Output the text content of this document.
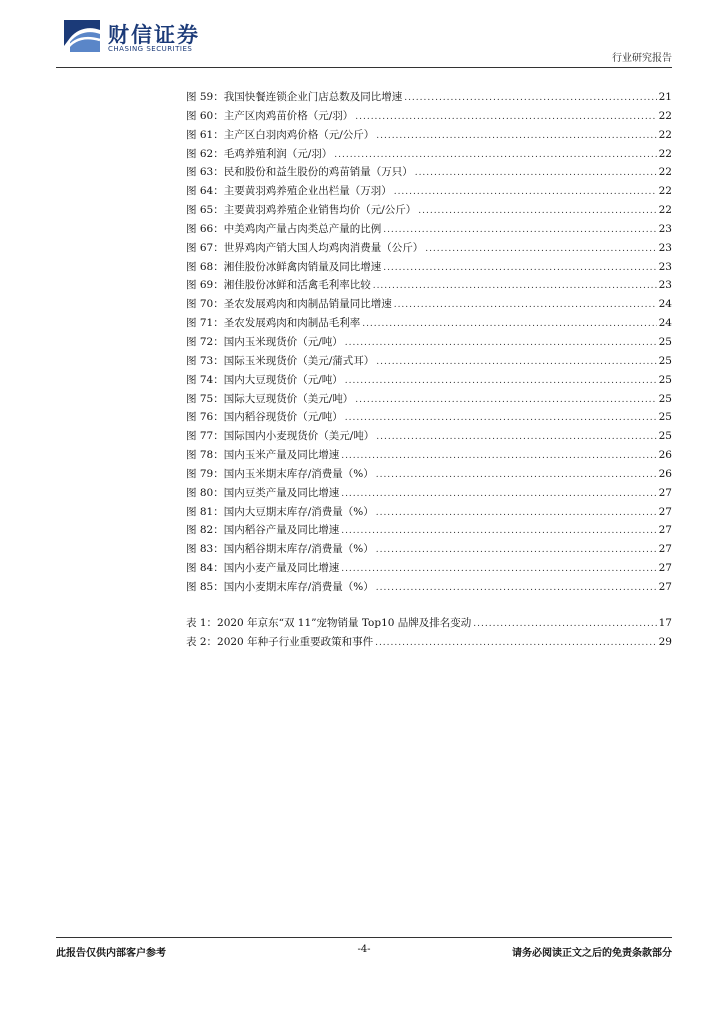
财信证券
CHASING SECURITIES
行业研究报告
图 59：我国快餐连锁企业门店总数及同比增速 .....	21
图 60：主产区肉鸡苗价格（元/羽） .....	22
图 61：主产区白羽肉鸡价格（元/公斤） .....	22
图 62：毛鸡养殖利润（元/羽） .....	22
图 63：民和股份和益生股份的鸡苗销量（万只） .....	22
图 64：主要黄羽鸡养殖企业出栏量（万羽） .....	22
图 65：主要黄羽鸡养殖企业销售均价（元/公斤） .....	22
图 66：中美鸡肉产量占肉类总产量的比例 .....	23
图 67：世界鸡肉产销大国人均鸡肉消费量（公斤） .....	23
图 68：湘佳股份冰鲜禽肉销量及同比增速 .....	23
图 69：湘佳股份冰鲜和活禽毛利率比较 .....	23
图 70：圣农发展鸡肉和肉制品销量同比增速 .....	24
图 71：圣农发展鸡肉和肉制品毛利率 .....	24
图 72：国内玉米现货价（元/吨） .....	25
图 73：国际玉米现货价（美元/蒲式耳） .....	25
图 74：国内大豆现货价（元/吨） .....	25
图 75：国际大豆现货价（美元/吨） .....	25
图 76：国内稻谷现货价（元/吨） .....	25
图 77：国际国内小麦现货价（美元/吨） .....	25
图 78：国内玉米产量及同比增速 .....	26
图 79：国内玉米期末库存/消费量（%） .....	26
图 80：国内豆类产量及同比增速 .....	27
图 81：国内大豆期末库存/消费量（%） .....	27
图 82：国内稻谷产量及同比增速 .....	27
图 83：国内稻谷期末库存/消费量（%） .....	27
图 84：国内小麦产量及同比增速 .....	27
图 85：国内小麦期末库存/消费量（%） .....	27
表 1：2020 年京东“双 11”宠物销量 Top10 品牌及排名变动 .....	17
表 2：2020 年种子行业重要政策和事件 .....	29
此报告仅供内部客户参考	-4-	请务必阅读正文之后的免责条款部分
